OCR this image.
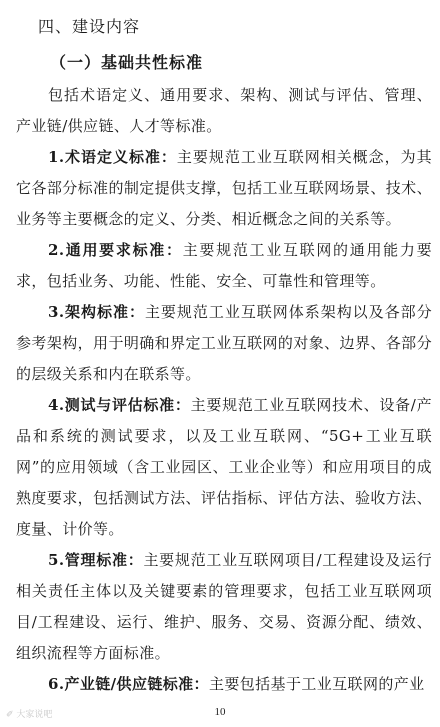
四、建设内容
（一）基础共性标准

包括术语定义、通用要求、架构、测试与评估、管理、产业链/供应链、人才等标准。

1.术语定义标准：主要规范工业互联网相关概念，为其它各部分标准的制定提供支撑，包括工业互联网场景、技术、业务等主要概念的定义、分类、相近概念之间的关系等。

2.通用要求标准：主要规范工业互联网的通用能力要求，包括业务、功能、性能、安全、可靠性和管理等。

3.架构标准：主要规范工业互联网体系架构以及各部分参考架构，用于明确和界定工业互联网的对象、边界、各部分的层级关系和内在联系等。

4.测试与评估标准：主要规范工业互联网技术、设备/产品和系统的测试要求，以及工业互联网、“5G+工业互联网”的应用领域（含工业园区、工业企业等）和应用项目的成熟度要求，包括测试方法、评估指标、评估方法、验收方法、度量、计价等。

5.管理标准：主要规范工业互联网项目/工程建设及运行相关责任主体以及关键要素的管理要求，包括工业互联网项目/工程建设、运行、维护、服务、交易、资源分配、绩效、组织流程等方面标准。

6.产业链/供应链标准：主要包括基于工业互联网的产业

✐ 大家说吧	10
